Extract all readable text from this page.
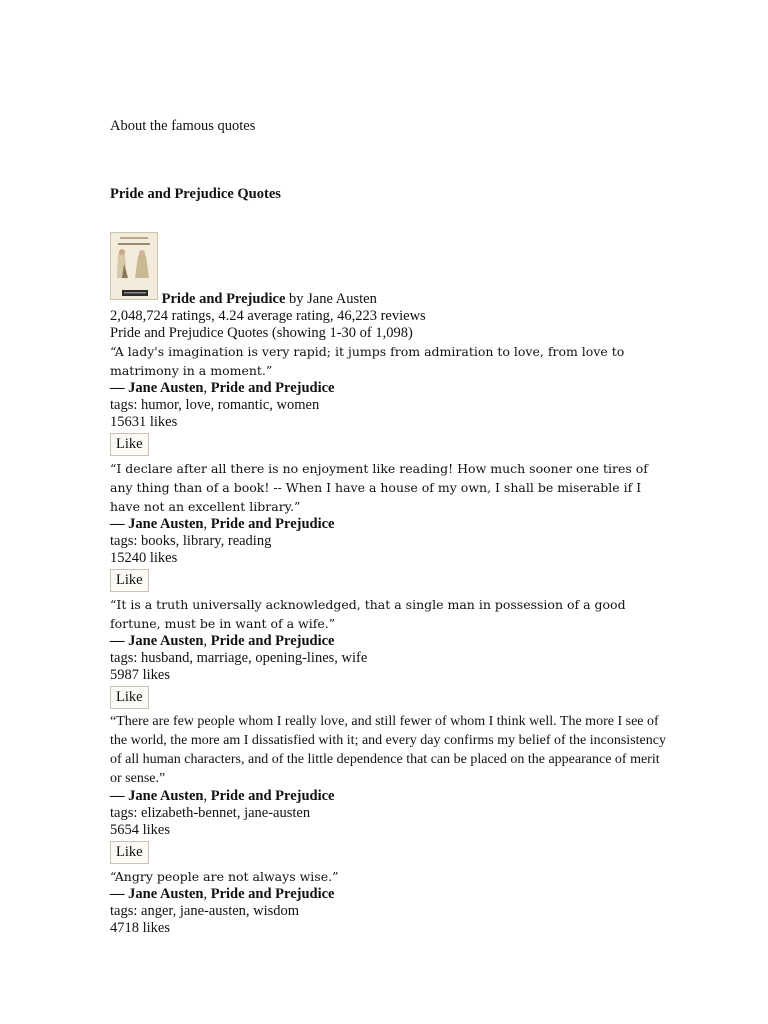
About the famous quotes
Pride and Prejudice Quotes
Pride and Prejudice by Jane Austen
2,048,724 ratings, 4.24 average rating, 46,223 reviews
Pride and Prejudice Quotes (showing 1-30 of 1,098)
“A lady's imagination is very rapid; it jumps from admiration to love, from love to matrimony in a moment.”
― Jane Austen, Pride and Prejudice
tags: humor, love, romantic, women
15631 likes
Like
“I declare after all there is no enjoyment like reading! How much sooner one tires of any thing than of a book! -- When I have a house of my own, I shall be miserable if I have not an excellent library.”
― Jane Austen, Pride and Prejudice
tags: books, library, reading
15240 likes
Like
“It is a truth universally acknowledged, that a single man in possession of a good fortune, must be in want of a wife.”
― Jane Austen, Pride and Prejudice
tags: husband, marriage, opening-lines, wife
5987 likes
Like
“There are few people whom I really love, and still fewer of whom I think well. The more I see of the world, the more am I dissatisfied with it; and every day confirms my belief of the inconsistency of all human characters, and of the little dependence that can be placed on the appearance of merit or sense.”
― Jane Austen, Pride and Prejudice
tags: elizabeth-bennet, jane-austen
5654 likes
Like
“Angry people are not always wise.”
― Jane Austen, Pride and Prejudice
tags: anger, jane-austen, wisdom
4718 likes
